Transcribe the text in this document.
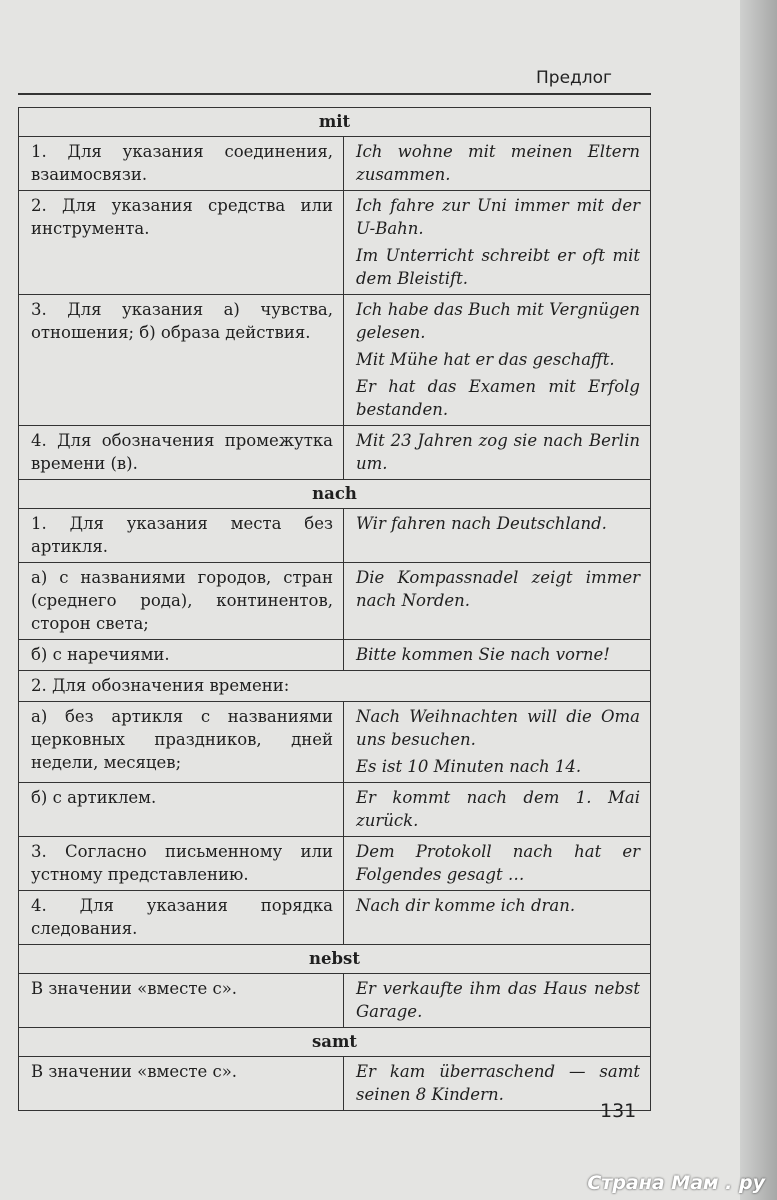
Предлог
mit	
1. Для указания соединения, взаимосвязи.	Ich wohne mit meinen Eltern zusammen.

2. Для указания средства или инструмента.	Ich fahre zur Uni immer mit der U-Bahn.
Im Unterricht schreibt er oft mit dem Bleistift.

3. Для указания а) чувства, отношения; б) образа действия.	Ich habe das Buch mit Vergnügen gelesen.
Mit Mühe hat er das geschafft.
Er hat das Examen mit Erfolg bestanden.

4. Для обозначения промежутка времени (в).	Mit 23 Jahren zog sie nach Berlin um.

nach	
1. Для указания места без артикля.	Wir fahren nach Deutschland.

а) с названиями городов, стран (среднего рода), континентов, сторон света;	Die Kompassnadel zeigt immer nach Norden.

б) с наречиями.	Bitte kommen Sie nach vorne!

2. Для обозначения времени:	
а) без артикля с названиями церковных праздников, дней недели, месяцев;	Nach Weihnachten will die Oma uns besuchen.
Es ist 10 Minuten nach 14.

б) с артиклем.	Er kommt nach dem 1. Mai zurück.

3. Согласно письменному или устному представлению.	Dem Protokoll nach hat er Folgendes gesagt …

4. Для указания порядка следования.	Nach dir komme ich dran.

nebst	
В значении «вместе с».	Er verkaufte ihm das Haus nebst Garage.

samt	
В значении «вместе с».	Er kam überraschend — samt seinen 8 Kindern.
131
Страна Мам . ру
